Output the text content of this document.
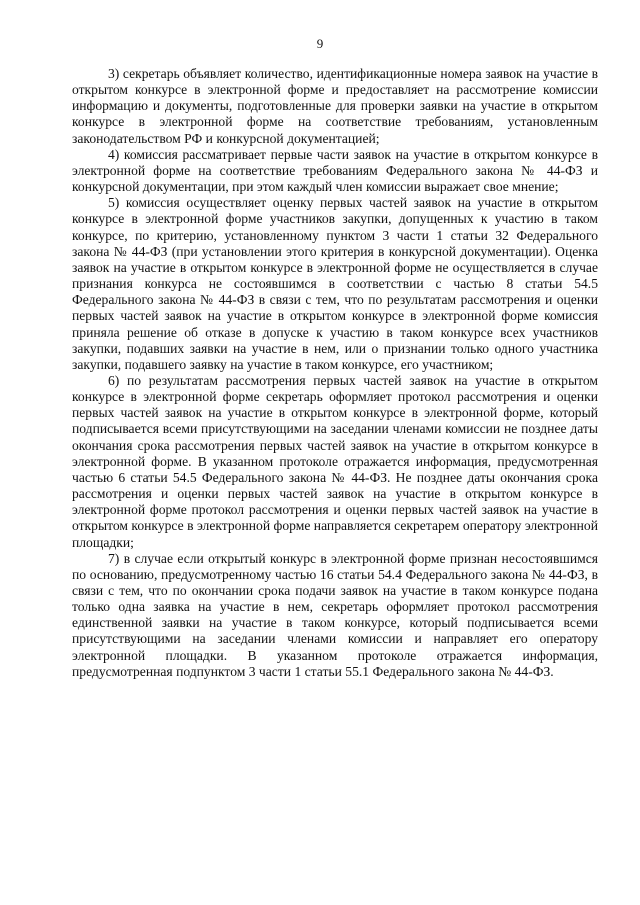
9

3) секретарь объявляет количество, идентификационные номера заявок на участие в открытом конкурсе в электронной форме и предоставляет на рассмотрение комиссии информацию и документы, подготовленные для проверки заявки на участие в открытом конкурсе в электронной форме на соответствие требованиям, установленным законодательством РФ и конкурсной документацией;

4) комиссия рассматривает первые части заявок на участие в открытом конкурсе в электронной форме на соответствие требованиям Федерального закона № 44-ФЗ и конкурсной документации, при этом каждый член комиссии выражает свое мнение;

5) комиссия осуществляет оценку первых частей заявок на участие в открытом конкурсе в электронной форме участников закупки, допущенных к участию в таком конкурсе, по критерию, установленному пунктом 3 части 1 статьи 32 Федерального закона № 44-ФЗ (при установлении этого критерия в конкурсной документации). Оценка заявок на участие в открытом конкурсе в электронной форме не осуществляется в случае признания конкурса не состоявшимся в соответствии с частью 8 статьи 54.5 Федерального закона № 44-ФЗ в связи с тем, что по результатам рассмотрения и оценки первых частей заявок на участие в открытом конкурсе в электронной форме комиссия приняла решение об отказе в допуске к участию в таком конкурсе всех участников закупки, подавших заявки на участие в нем, или о признании только одного участника закупки, подавшего заявку на участие в таком конкурсе, его участником;

6) по результатам рассмотрения первых частей заявок на участие в открытом конкурсе в электронной форме секретарь оформляет протокол рассмотрения и оценки первых частей заявок на участие в открытом конкурсе в электронной форме, который подписывается всеми присутствующими на заседании членами комиссии не позднее даты окончания срока рассмотрения первых частей заявок на участие в открытом конкурсе в электронной форме. В указанном протоколе отражается информация, предусмотренная частью 6 статьи 54.5 Федерального закона № 44-ФЗ. Не позднее даты окончания срока рассмотрения и оценки первых частей заявок на участие в открытом конкурсе в электронной форме протокол рассмотрения и оценки первых частей заявок на участие в открытом конкурсе в электронной форме направляется секретарем оператору электронной площадки;

7) в случае если открытый конкурс в электронной форме признан несостоявшимся по основанию, предусмотренному частью 16 статьи 54.4 Федерального закона № 44-ФЗ, в связи с тем, что по окончании срока подачи заявок на участие в таком конкурсе подана только одна заявка на участие в нем, секретарь оформляет протокол рассмотрения единственной заявки на участие в таком конкурсе, который подписывается всеми присутствующими на заседании членами комиссии и направляет его оператору электронной площадки. В указанном протоколе отражается информация, предусмотренная подпунктом 3 части 1 статьи 55.1 Федерального закона № 44-ФЗ.
